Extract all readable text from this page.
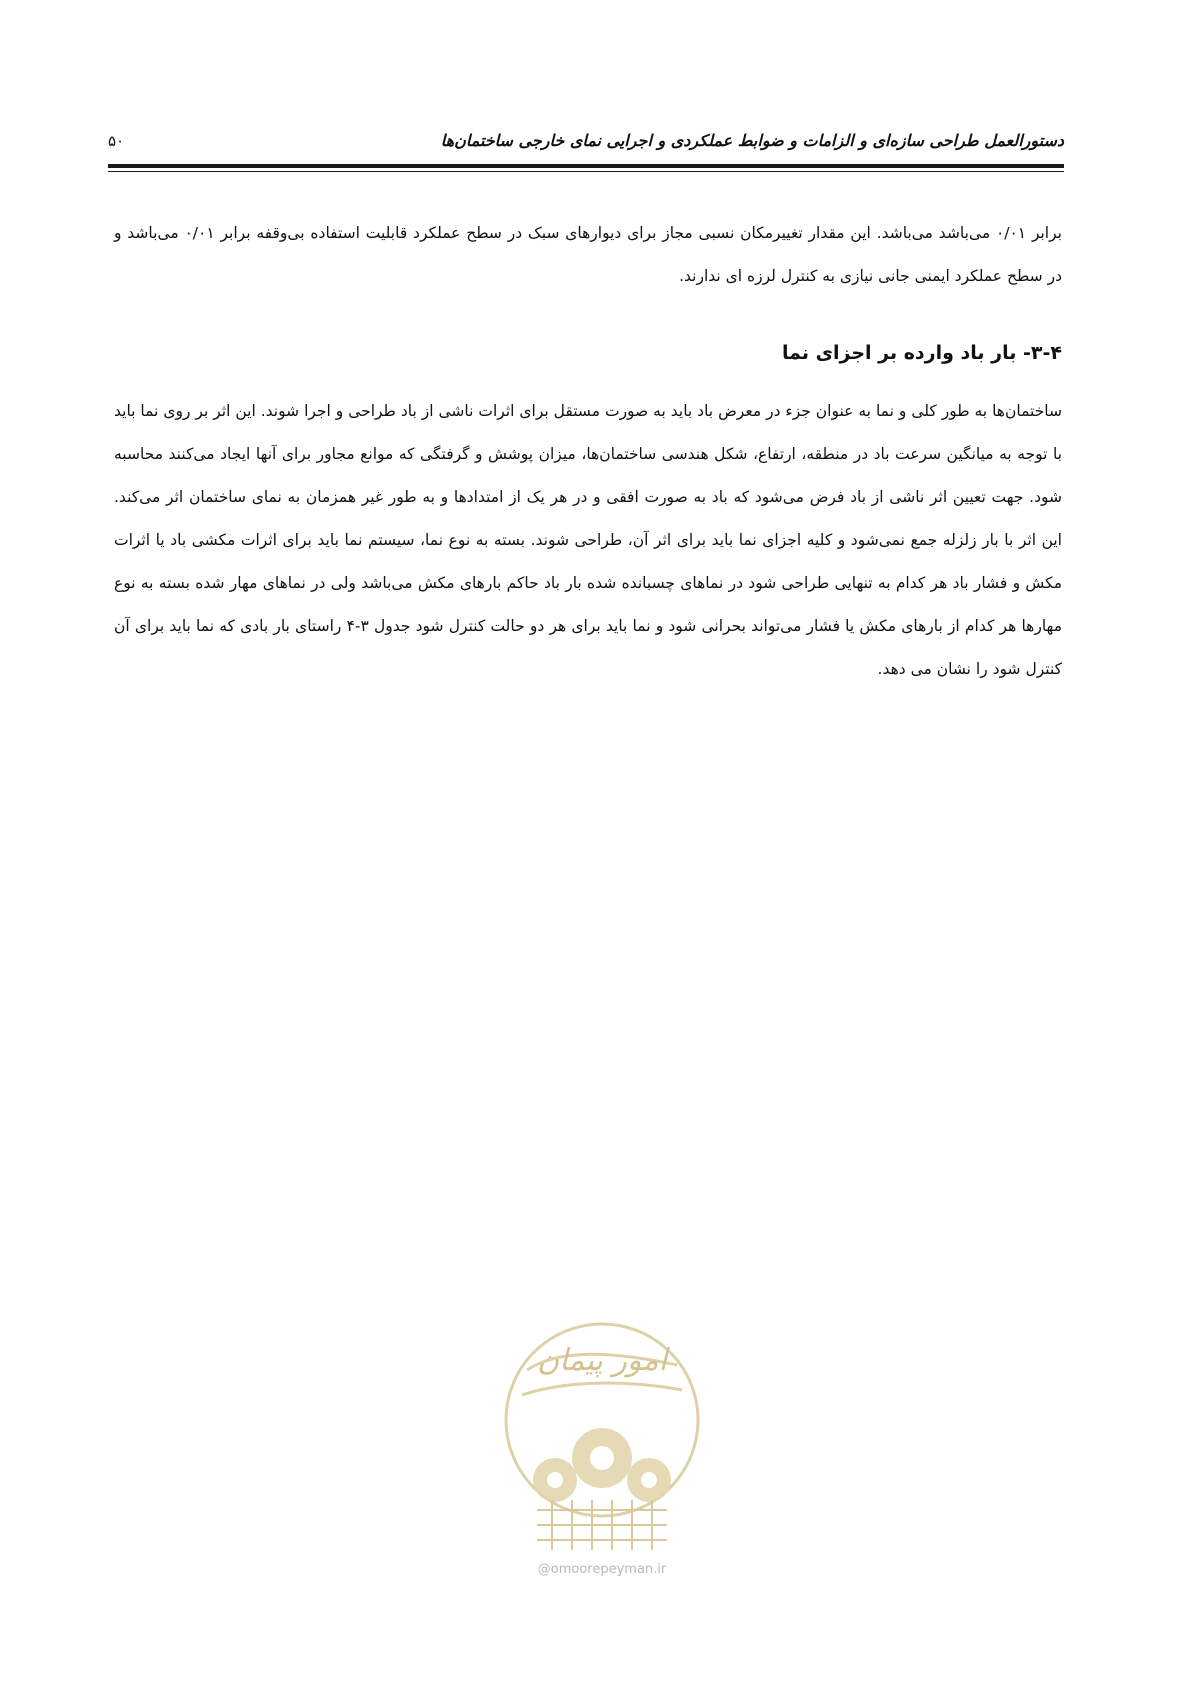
دستورالعمل طراحی سازه‌ای و الزامات و ضوابط عملکردی و اجرایی نمای خارجی ساختمان‌ها
۵۰

برابر ۰/۰۱ می‌باشد می‌باشد. این مقدار تغییرمکان نسبی مجاز برای دیوارهای سبک در سطح عملکرد قابلیت استفاده بی‌وقفه برابر ۰/۰۱ می‌باشد و در سطح عملکرد ایمنی جانی نیازی به کنترل لرزه ای ندارند.

۳-۴- بار باد وارده بر اجزای نما

ساختمان‌ها به طور کلی و نما به عنوان جزء در معرض باد باید به صورت مستقل برای اثرات ناشی از باد طراحی و اجرا شوند. این اثر بر روی نما باید با توجه به میانگین سرعت باد در منطقه، ارتفاع، شکل هندسی ساختمان‌ها، میزان پوشش و گرفتگی که موانع مجاور برای آنها ایجاد می‌کنند محاسبه شود. جهت تعیین اثر ناشی از باد فرض می‌شود که باد به صورت افقی و در هر یک از امتدادها و به طور غیر همزمان به نمای ساختمان اثر می‌کند. این اثر با بار زلزله جمع نمی‌شود و کلیه اجزای نما باید برای اثر آن، طراحی شوند. بسته به نوع نما، سیستم نما باید برای اثرات مکشی باد یا اثرات مکش و فشار باد هر کدام به تنهایی طراحی شود در نماهای چسبانده شده بار باد حاکم بارهای مکش می‌باشد ولی در نماهای مهار شده بسته به نوع مهارها هر کدام از بارهای مکش یا فشار می‌تواند بحرانی شود و نما باید برای هر دو حالت کنترل شود جدول ۳-۴ راستای بار بادی که نما باید برای آن کنترل شود را نشان می دهد.

امور پیمان
@omoorepeyman.ir
